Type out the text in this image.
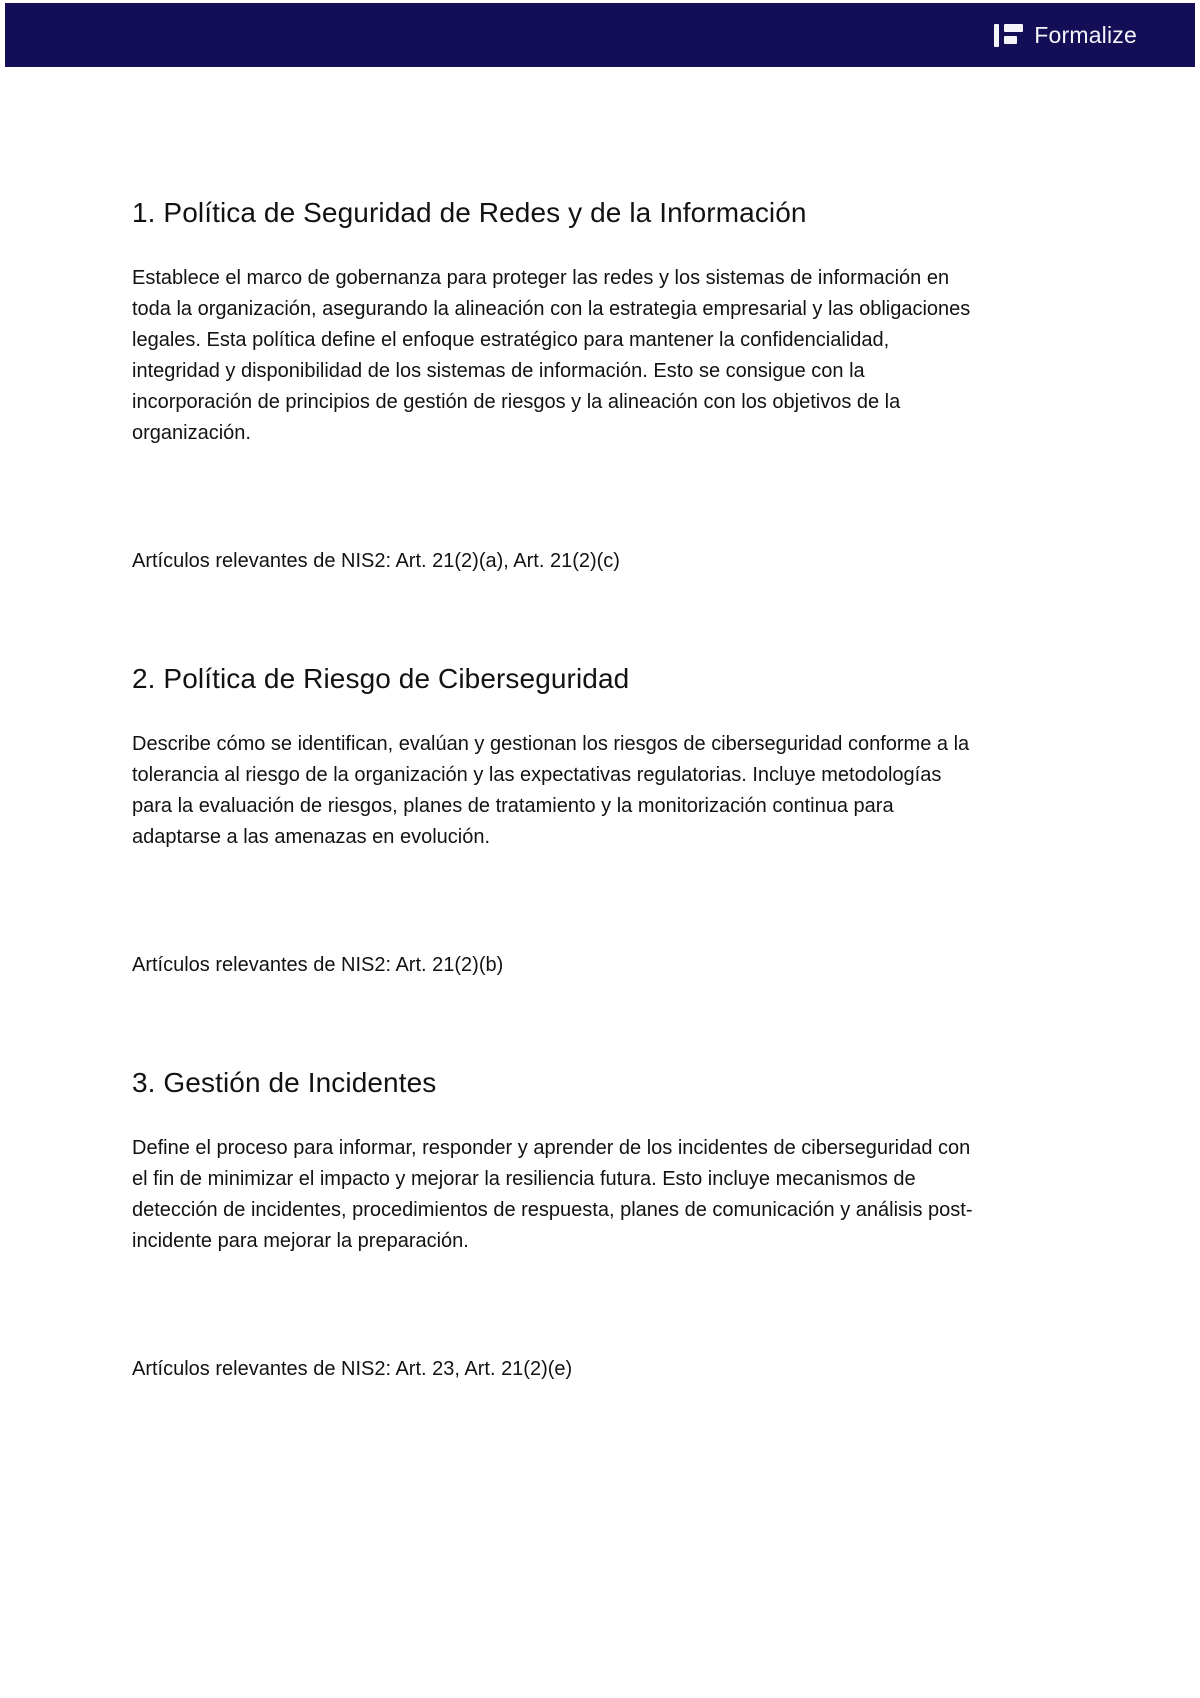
Formalize
1. Política de Seguridad de Redes y de la Información

Establece el marco de gobernanza para proteger las redes y los sistemas de información en toda la organización, asegurando la alineación con la estrategia empresarial y las obligaciones legales. Esta política define el enfoque estratégico para mantener la confidencialidad, integridad y disponibilidad de los sistemas de información. Esto se consigue con la incorporación de principios de gestión de riesgos y la alineación con los objetivos de la organización.

Artículos relevantes de NIS2: Art. 21(2)(a), Art. 21(2)(c)

2. Política de Riesgo de Ciberseguridad

Describe cómo se identifican, evalúan y gestionan los riesgos de ciberseguridad conforme a la tolerancia al riesgo de la organización y las expectativas regulatorias. Incluye metodologías para la evaluación de riesgos, planes de tratamiento y la monitorización continua para adaptarse a las amenazas en evolución.

Artículos relevantes de NIS2: Art. 21(2)(b)

3. Gestión de Incidentes

Define el proceso para informar, responder y aprender de los incidentes de ciberseguridad con el fin de minimizar el impacto y mejorar la resiliencia futura. Esto incluye mecanismos de detección de incidentes, procedimientos de respuesta, planes de comunicación y análisis post-incidente para mejorar la preparación.

Artículos relevantes de NIS2: Art. 23, Art. 21(2)(e)
